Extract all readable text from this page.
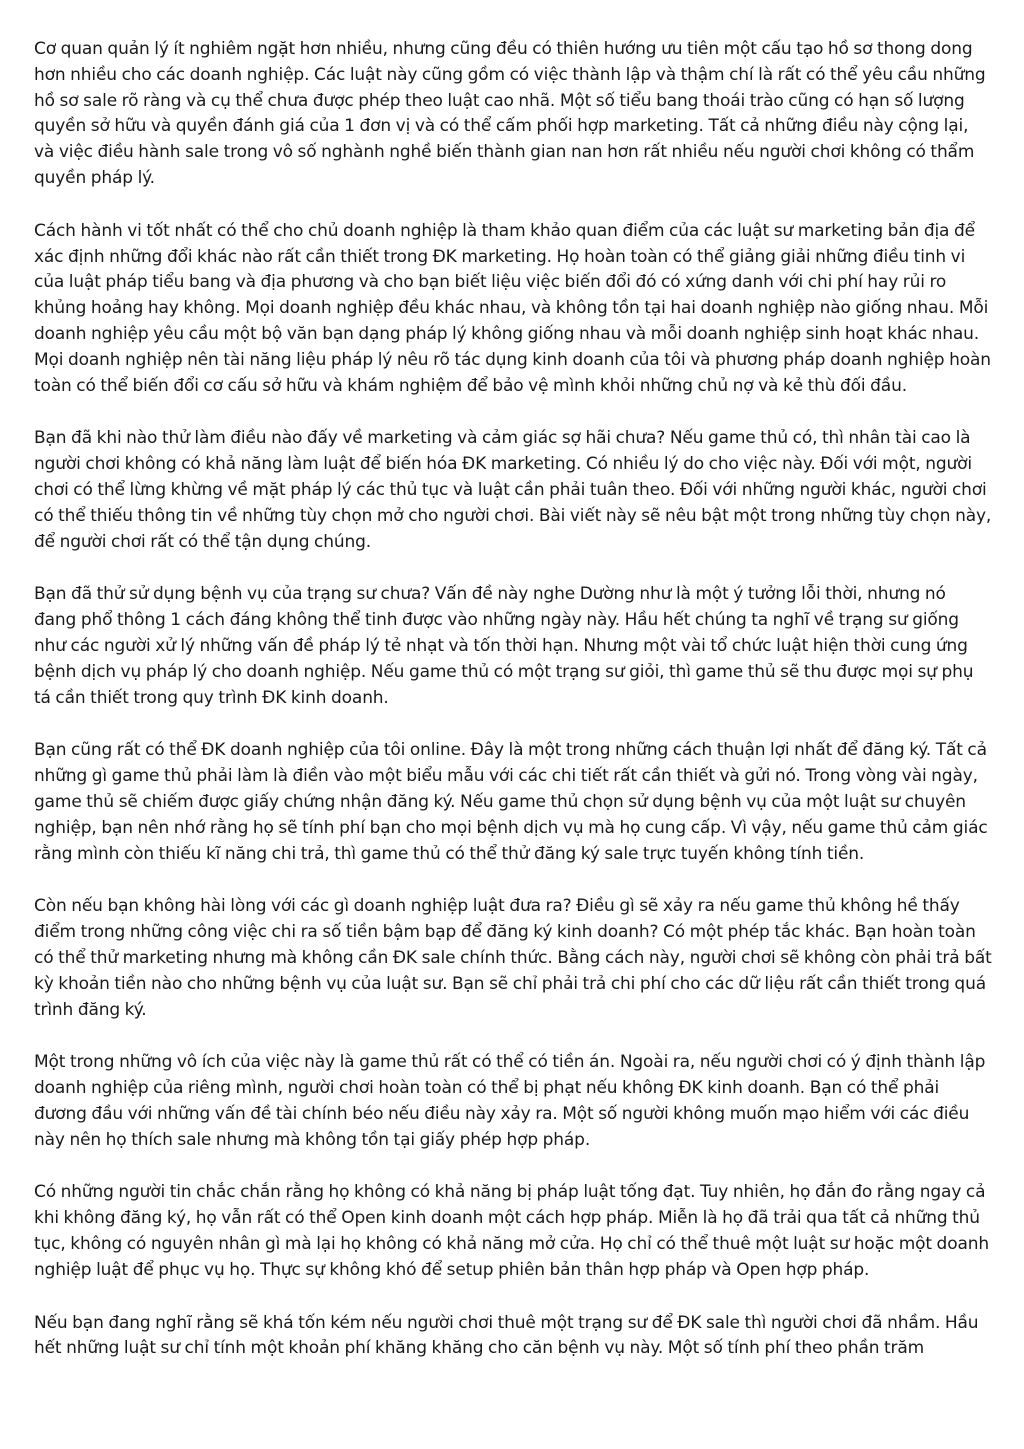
Cơ quan quản lý ít nghiêm ngặt hơn nhiều, nhưng cũng đều có thiên hướng ưu tiên một cấu tạo hồ sơ thong dong hơn nhiều cho các doanh nghiệp. Các luật này cũng gồm có việc thành lập và thậm chí là rất có thể yêu cầu những hồ sơ sale rõ ràng và cụ thể chưa được phép theo luật cao nhã. Một số tiểu bang thoái trào cũng có hạn số lượng quyền sở hữu và quyền đánh giá của 1 đơn vị và có thể cấm phối hợp marketing. Tất cả những điều này cộng lại, và việc điều hành sale trong vô số nghành nghề biến thành gian nan hơn rất nhiều nếu người chơi không có thẩm quyền pháp lý.

Cách hành vi tốt nhất có thể cho chủ doanh nghiệp là tham khảo quan điểm của các luật sư marketing bản địa để xác định những đổi khác nào rất cần thiết trong ĐK marketing. Họ hoàn toàn có thể giảng giải những điều tinh vi của luật pháp tiểu bang và địa phương và cho bạn biết liệu việc biến đổi đó có xứng danh với chi phí hay rủi ro khủng hoảng hay không. Mọi doanh nghiệp đều khác nhau, và không tồn tại hai doanh nghiệp nào giống nhau. Mỗi doanh nghiệp yêu cầu một bộ văn bạn dạng pháp lý không giống nhau và mỗi doanh nghiệp sinh hoạt khác nhau. Mọi doanh nghiệp nên tài năng liệu pháp lý nêu rõ tác dụng kinh doanh của tôi và phương pháp doanh nghiệp hoàn toàn có thể biến đổi cơ cấu sở hữu và khám nghiệm để bảo vệ mình khỏi những chủ nợ và kẻ thù đối đầu.

Bạn đã khi nào thử làm điều nào đấy về marketing và cảm giác sợ hãi chưa? Nếu game thủ có, thì nhân tài cao là người chơi không có khả năng làm luật để biến hóa ĐK marketing. Có nhiều lý do cho việc này. Đối với một, người chơi có thể lừng khừng về mặt pháp lý các thủ tục và luật cần phải tuân theo. Đối với những người khác, người chơi có thể thiếu thông tin về những tùy chọn mở cho người chơi. Bài viết này sẽ nêu bật một trong những tùy chọn này, để người chơi rất có thể tận dụng chúng.

Bạn đã thử sử dụng bệnh vụ của trạng sư chưa? Vấn đề này nghe Dường như là một ý tưởng lỗi thời, nhưng nó đang phổ thông 1 cách đáng không thể tinh được vào những ngày này. Hầu hết chúng ta nghĩ về trạng sư giống như các người xử lý những vấn đề pháp lý tẻ nhạt và tốn thời hạn. Nhưng một vài tổ chức luật hiện thời cung ứng bệnh dịch vụ pháp lý cho doanh nghiệp. Nếu game thủ có một trạng sư giỏi, thì game thủ sẽ thu được mọi sự phụ tá cần thiết trong quy trình ĐK kinh doanh.

Bạn cũng rất có thể ĐK doanh nghiệp của tôi online. Đây là một trong những cách thuận lợi nhất để đăng ký. Tất cả những gì game thủ phải làm là điền vào một biểu mẫu với các chi tiết rất cần thiết và gửi nó. Trong vòng vài ngày, game thủ sẽ chiếm được giấy chứng nhận đăng ký. Nếu game thủ chọn sử dụng bệnh vụ của một luật sư chuyên nghiệp, bạn nên nhớ rằng họ sẽ tính phí bạn cho mọi bệnh dịch vụ mà họ cung cấp. Vì vậy, nếu game thủ cảm giác rằng mình còn thiếu kĩ năng chi trả, thì game thủ có thể thử đăng ký sale trực tuyến không tính tiền.

Còn nếu bạn không hài lòng với các gì doanh nghiệp luật đưa ra? Điều gì sẽ xảy ra nếu game thủ không hề thấy điểm trong những công việc chi ra số tiền bậm bạp để đăng ký kinh doanh? Có một phép tắc khác. Bạn hoàn toàn có thể thử marketing nhưng mà không cần ĐK sale chính thức. Bằng cách này, người chơi sẽ không còn phải trả bất kỳ khoản tiền nào cho những bệnh vụ của luật sư. Bạn sẽ chỉ phải trả chi phí cho các dữ liệu rất cần thiết trong quá trình đăng ký.

Một trong những vô ích của việc này là game thủ rất có thể có tiền án. Ngoài ra, nếu người chơi có ý định thành lập doanh nghiệp của riêng mình, người chơi hoàn toàn có thể bị phạt nếu không ĐK kinh doanh. Bạn có thể phải đương đầu với những vấn đề tài chính béo nếu điều này xảy ra. Một số người không muốn mạo hiểm với các điều này nên họ thích sale nhưng mà không tồn tại giấy phép hợp pháp.

Có những người tin chắc chắn rằng họ không có khả năng bị pháp luật tống đạt. Tuy nhiên, họ đắn đo rằng ngay cả khi không đăng ký, họ vẫn rất có thể Open kinh doanh một cách hợp pháp. Miễn là họ đã trải qua tất cả những thủ tục, không có nguyên nhân gì mà lại họ không có khả năng mở cửa. Họ chỉ có thể thuê một luật sư hoặc một doanh nghiệp luật để phục vụ họ. Thực sự không khó để setup phiên bản thân hợp pháp và Open hợp pháp.

Nếu bạn đang nghĩ rằng sẽ khá tốn kém nếu người chơi thuê một trạng sư để ĐK sale thì người chơi đã nhầm. Hầu hết những luật sư chỉ tính một khoản phí khăng khăng cho căn bệnh vụ này. Một số tính phí theo phần trăm
